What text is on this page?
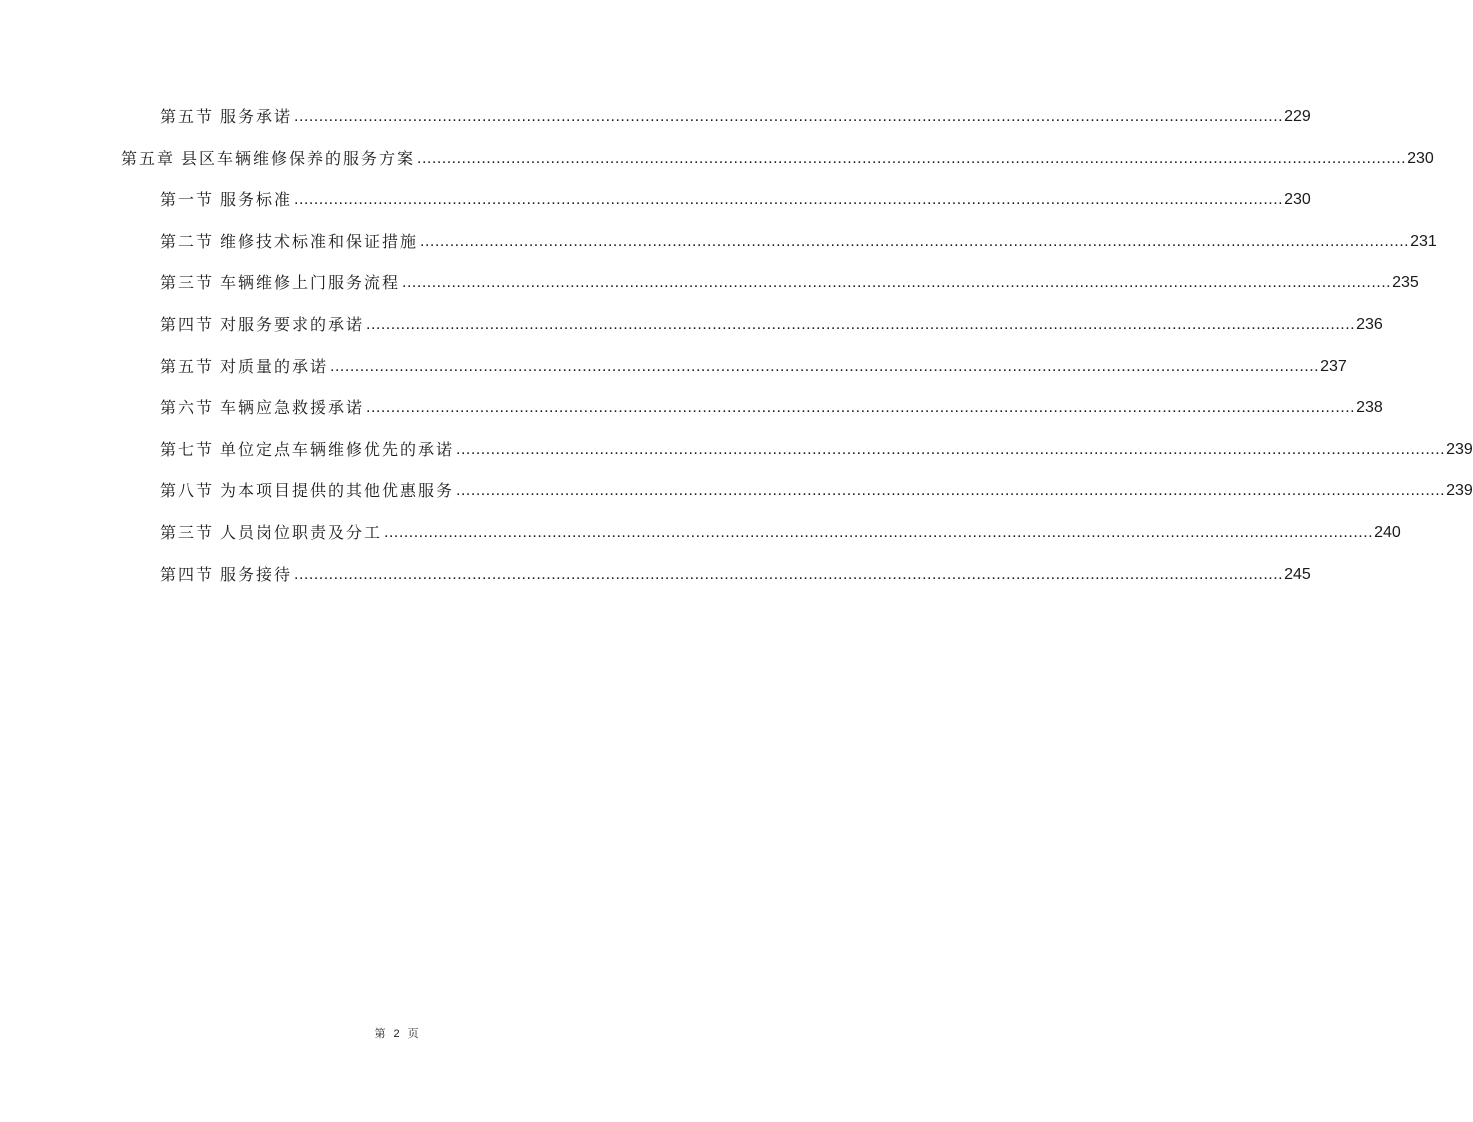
第五节 服务承诺 ........................................................................................................................................................................................................ 229
第五章 县区车辆维修保养的服务方案 ........................................................................................................................................................................................................ 230
第一节 服务标准 ........................................................................................................................................................................................................ 230
第二节 维修技术标准和保证措施 ........................................................................................................................................................................................................ 231
第三节 车辆维修上门服务流程 ........................................................................................................................................................................................................ 235
第四节 对服务要求的承诺 ........................................................................................................................................................................................................ 236
第五节 对质量的承诺 ........................................................................................................................................................................................................ 237
第六节 车辆应急救援承诺 ........................................................................................................................................................................................................ 238
第七节 单位定点车辆维修优先的承诺 ........................................................................................................................................................................................................ 239
第八节 为本项目提供的其他优惠服务 ........................................................................................................................................................................................................ 239
第三节 人员岗位职责及分工 ........................................................................................................................................................................................................ 240
第四节 服务接待 ........................................................................................................................................................................................................ 245
第 2 页
